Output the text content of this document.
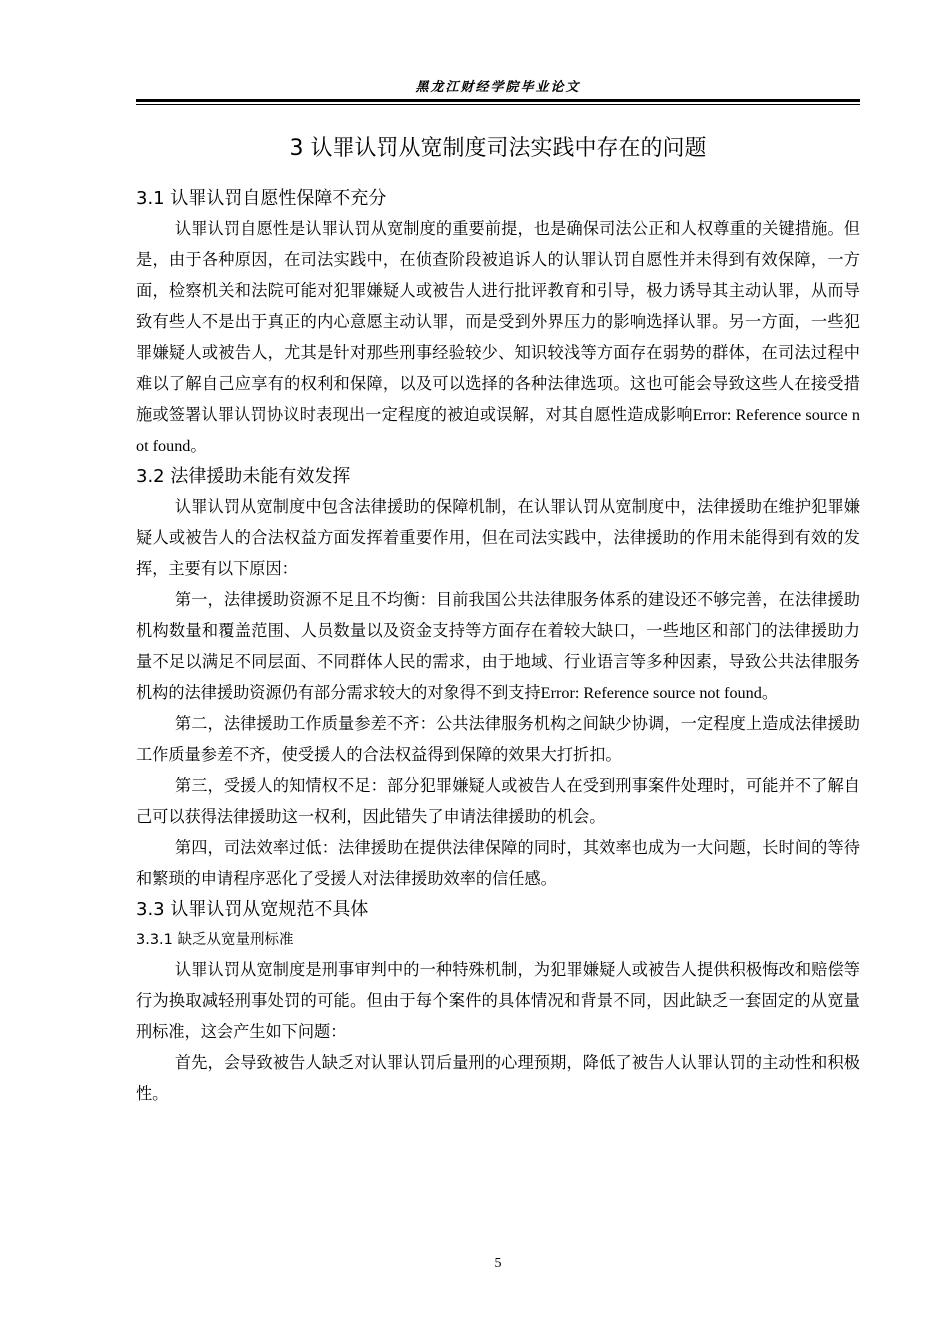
黑龙江财经学院毕业论文
3 认罪认罚从宽制度司法实践中存在的问题
3.1 认罪认罚自愿性保障不充分

认罪认罚自愿性是认罪认罚从宽制度的重要前提，也是确保司法公正和人权尊重的关键措施。但是，由于各种原因，在司法实践中，在侦查阶段被追诉人的认罪认罚自愿性并未得到有效保障，一方面，检察机关和法院可能对犯罪嫌疑人或被告人进行批评教育和引导，极力诱导其主动认罪，从而导致有些人不是出于真正的内心意愿主动认罪，而是受到外界压力的影响选择认罪。另一方面，一些犯罪嫌疑人或被告人，尤其是针对那些刑事经验较少、知识较浅等方面存在弱势的群体，在司法过程中难以了解自己应享有的权利和保障，以及可以选择的各种法律选项。这也可能会导致这些人在接受措施或签署认罪认罚协议时表现出一定程度的被迫或误解，对其自愿性造成影响Error: Reference source not found。

3.2 法律援助未能有效发挥

认罪认罚从宽制度中包含法律援助的保障机制，在认罪认罚从宽制度中，法律援助在维护犯罪嫌疑人或被告人的合法权益方面发挥着重要作用，但在司法实践中，法律援助的作用未能得到有效的发挥，主要有以下原因：

第一，法律援助资源不足且不均衡：目前我国公共法律服务体系的建设还不够完善，在法律援助机构数量和覆盖范围、人员数量以及资金支持等方面存在着较大缺口，一些地区和部门的法律援助力量不足以满足不同层面、不同群体人民的需求，由于地域、行业语言等多种因素，导致公共法律服务机构的法律援助资源仍有部分需求较大的对象得不到支持Error: Reference source not found。

第二，法律援助工作质量参差不齐：公共法律服务机构之间缺少协调，一定程度上造成法律援助工作质量参差不齐，使受援人的合法权益得到保障的效果大打折扣。

第三，受援人的知情权不足：部分犯罪嫌疑人或被告人在受到刑事案件处理时，可能并不了解自己可以获得法律援助这一权利，因此错失了申请法律援助的机会。

第四，司法效率过低：法律援助在提供法律保障的同时，其效率也成为一大问题，长时间的等待和繁琐的申请程序恶化了受援人对法律援助效率的信任感。

3.3 认罪认罚从宽规范不具体
3.3.1 缺乏从宽量刑标准

认罪认罚从宽制度是刑事审判中的一种特殊机制，为犯罪嫌疑人或被告人提供积极悔改和赔偿等行为换取减轻刑事处罚的可能。但由于每个案件的具体情况和背景不同，因此缺乏一套固定的从宽量刑标准，这会产生如下问题：

首先，会导致被告人缺乏对认罪认罚后量刑的心理预期，降低了被告人认罪认罚的主动性和积极性。

5
